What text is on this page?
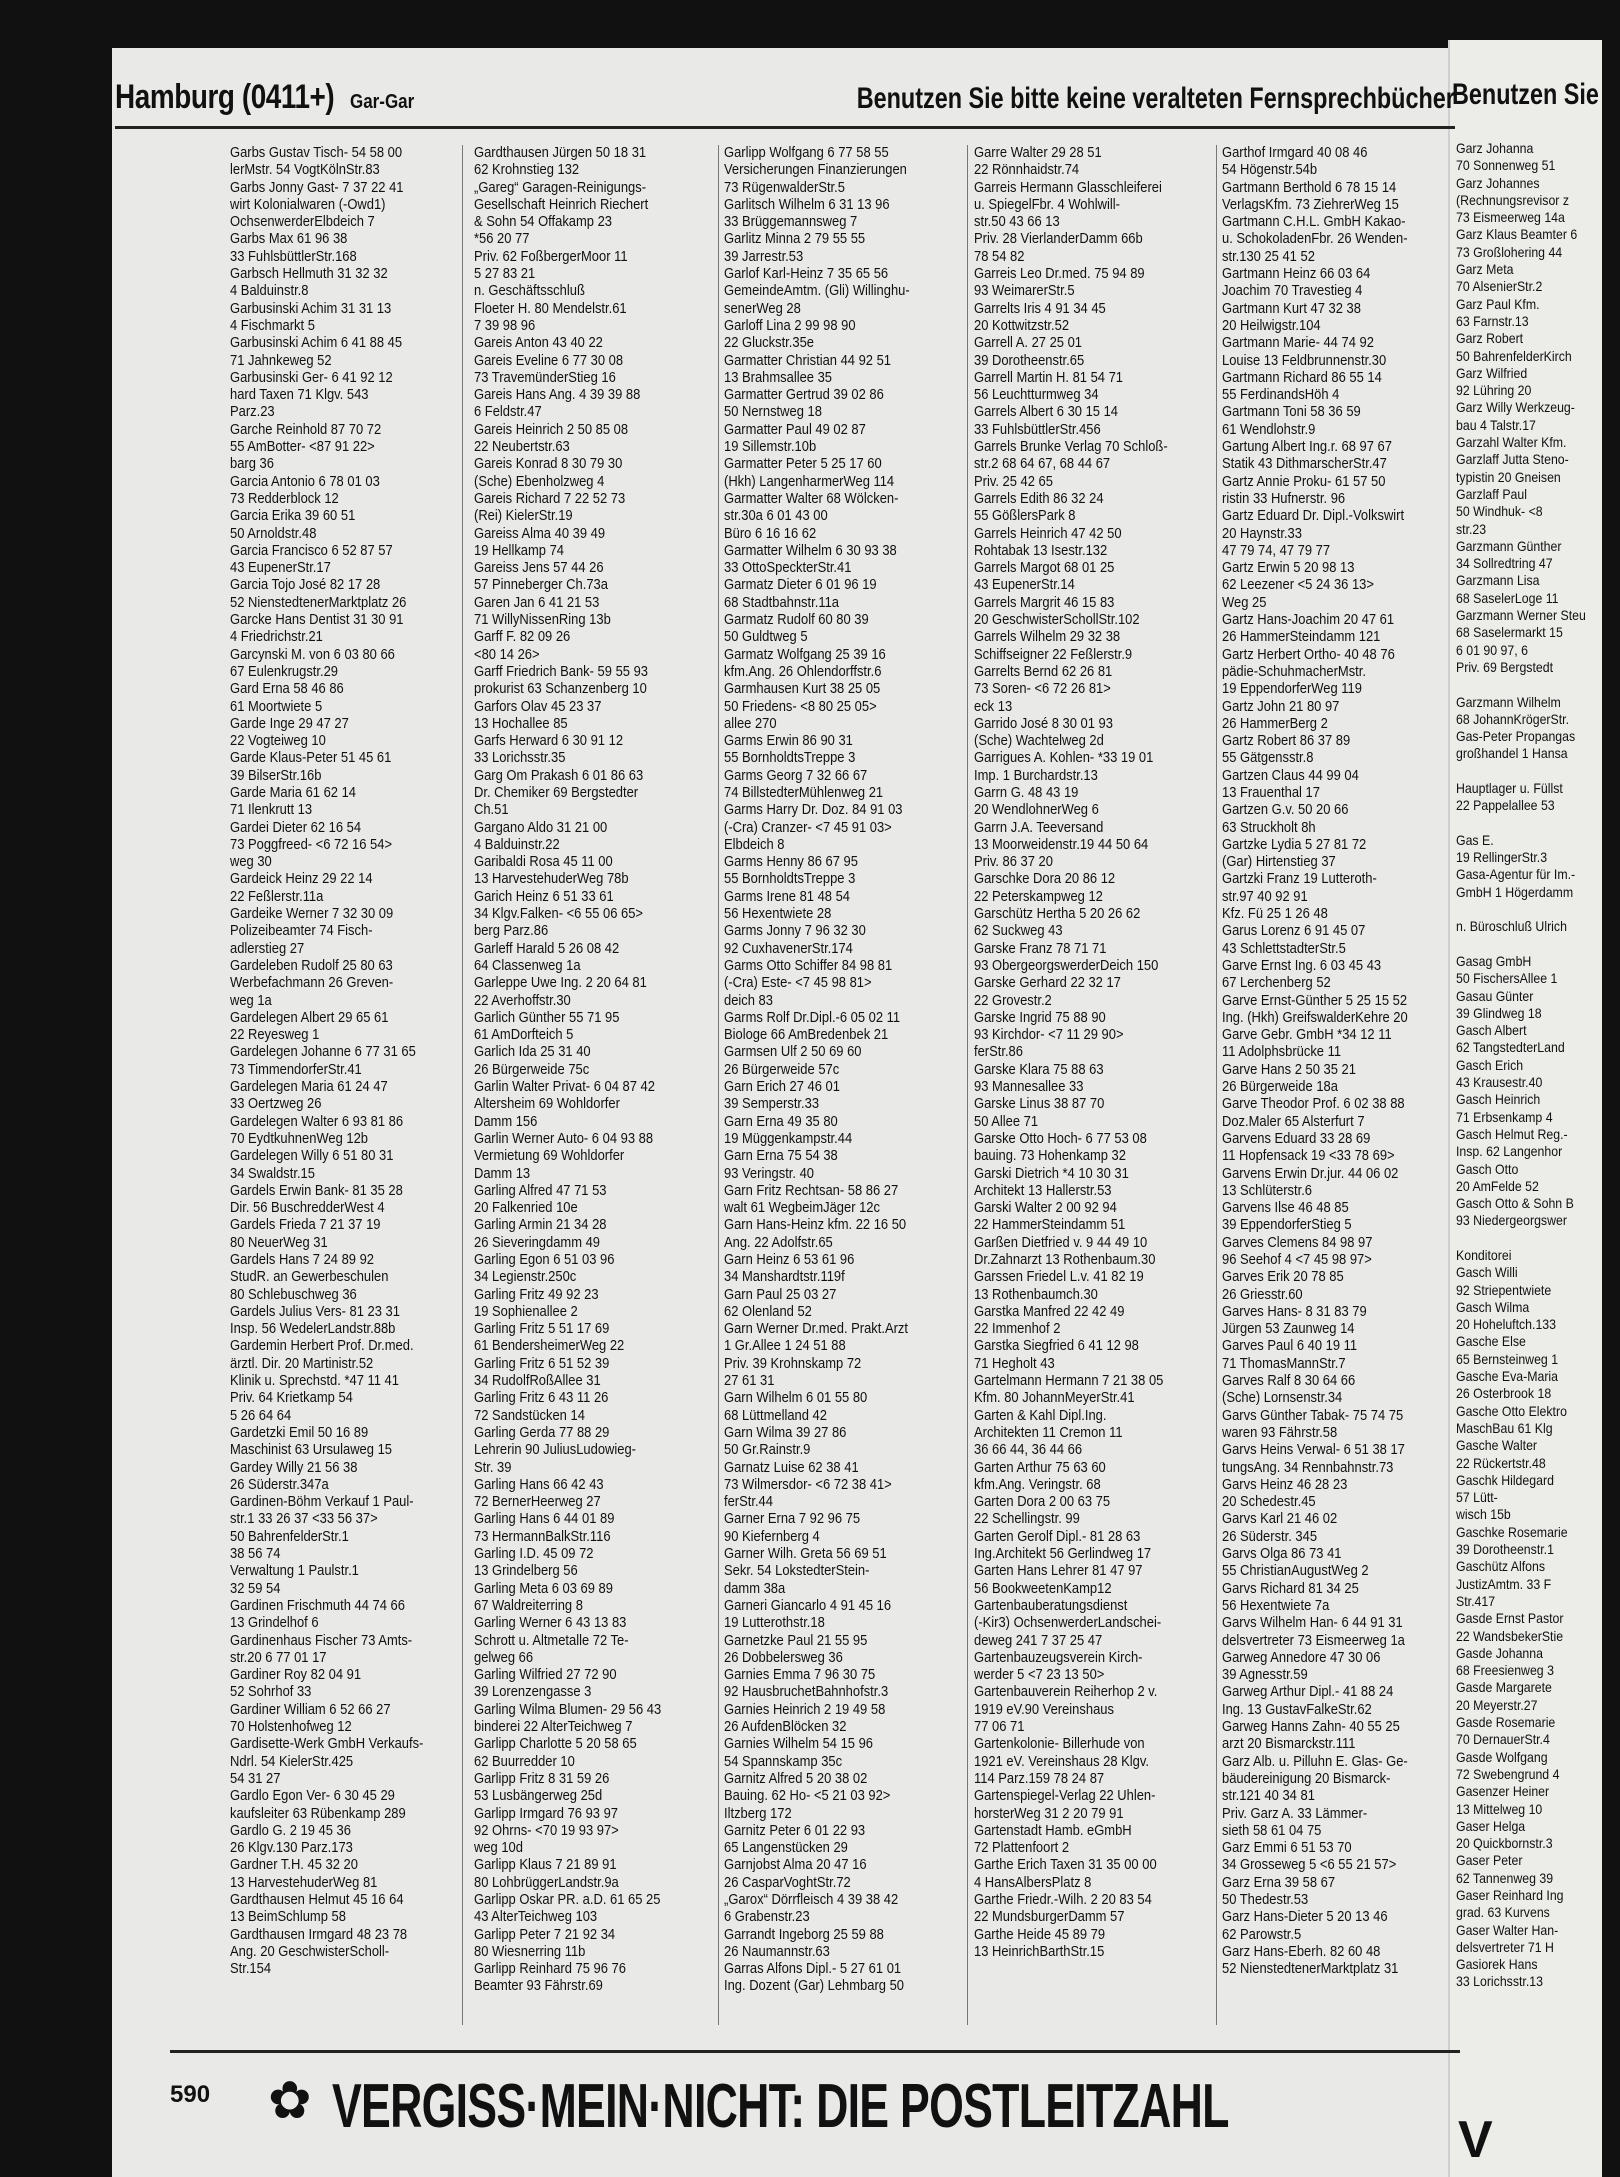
Benutzen Sie b
Garz Johanna
70 Sonnenweg 51
Garz Johannes
(Rechnungsrevisor z
73 Eismeerweg 14a
Garz Klaus Beamter 6
73 Großlohering 44
Garz Meta
70 AlsenierStr.2
Garz Paul Kfm.
63 Farnstr.13
Garz Robert
50 BahrenfelderKirch
Garz Wilfried
92 Lühring 20
Garz Willy Werkzeug-
bau 4 Talstr.17
Garzahl Walter Kfm.
Garzlaff Jutta Steno-
typistin 20 Gneisen
Garzlaff Paul
50 Windhuk- <8
str.23
Garzmann Günther
34 Sollredtring 47
Garzmann Lisa
68 SaselerLoge 11
Garzmann Werner Steu
68 Saselermarkt 15
6 01 90 97, 6
Priv. 69 Bergstedt
Garzmann Wilhelm
68 JohannKrögerStr.
Gas-Peter Propangas
großhandel 1 Hansa
Hauptlager u. Füllst
22 Pappelallee 53
Gas E.
19 RellingerStr.3
Gasa-Agentur für Im.-
GmbH 1 Högerdamm
n. Büroschluß Ulrich
Gasag GmbH
50 FischersAllee 1
Gasau Günter
39 Glindweg 18
Gasch Albert
62 TangstedterLand
Gasch Erich
43 Krausestr.40
Gasch Heinrich
71 Erbsenkamp 4
Gasch Helmut Reg.-
Insp. 62 Langenhor
Gasch Otto
20 AmFelde 52
Gasch Otto & Sohn B
93 Niedergeorgswer
Konditorei
Gasch Willi
92 Striepentwiete
Gasch Wilma
20 Hoheluftch.133
Gasche Else
65 Bernsteinweg 1
Gasche Eva-Maria
26 Osterbrook 18
Gasche Otto Elektro
MaschBau 61 Klg
Gasche Walter
22 Rückertstr.48
Gaschk Hildegard
57 Lütt-
wisch 15b
Gaschke Rosemarie
39 Dorotheenstr.1
Gaschütz Alfons
JustizAmtm. 33 F
Str.417
Gasde Ernst Pastor
22 WandsbekerStie
Gasde Johanna
68 Freesienweg 3
Gasde Margarete
20 Meyerstr.27
Gasde Rosemarie
70 DernauerStr.4
Gasde Wolfgang
72 Swebengrund 4
Gasenzer Heiner
13 Mittelweg 10
Gaser Helga
20 Quickbornstr.3
Gaser Peter
62 Tannenweg 39
Gaser Reinhard Ing
grad. 63 Kurvens
Gaser Walter Han-
delsvertreter 71 H
Gasiorek Hans
33 Lorichsstr.13
V
Hamburg (0411+) Gar-Gar	Benutzen Sie bitte keine veralteten Fernsprechbücher
Garbs Gustav Tisch- 54 58 00
lerMstr. 54 VogtKölnStr.83
Garbs Jonny Gast- 7 37 22 41
wirt Kolonialwaren (-Owd1)
OchsenwerderElbdeich 7
Garbs Max 61 96 38
33 FuhlsbüttlerStr.168
Garbsch Hellmuth 31 32 32
4 Balduinstr.8
Garbusinski Achim 31 31 13
4 Fischmarkt 5
Garbusinski Achim 6 41 88 45
71 Jahnkeweg 52
Garbusinski Ger- 6 41 92 12
hard Taxen 71 Klgv. 543
Parz.23
Garche Reinhold 87 70 72
55 AmBotter- <87 91 22>
barg 36
Garcia Antonio 6 78 01 03
73 Redderblock 12
Garcia Erika 39 60 51
50 Arnoldstr.48
Garcia Francisco 6 52 87 57
43 EupenerStr.17
Garcia Tojo José 82 17 28
52 NienstedtenerMarktplatz 26
Garcke Hans Dentist 31 30 91
4 Friedrichstr.21
Garcynski M. von 6 03 80 66
67 Eulenkrugstr.29
Gard Erna 58 46 86
61 Moortwiete 5
Garde Inge 29 47 27
22 Vogteiweg 10
Garde Klaus-Peter 51 45 61
39 BilserStr.16b
Garde Maria 61 62 14
71 Ilenkrutt 13
Gardei Dieter 62 16 54
73 Poggfreed- <6 72 16 54>
weg 30
Gardeick Heinz 29 22 14
22 Feßlerstr.11a
Gardeike Werner 7 32 30 09
Polizeibeamter 74 Fisch-
adlerstieg 27
Gardeleben Rudolf 25 80 63
Werbefachmann 26 Greven-
weg 1a
Gardelegen Albert 29 65 61
22 Reyesweg 1
Gardelegen Johanne 6 77 31 65
73 TimmendorferStr.41
Gardelegen Maria 61 24 47
33 Oertzweg 26
Gardelegen Walter 6 93 81 86
70 EydtkuhnenWeg 12b
Gardelegen Willy 6 51 80 31
34 Swaldstr.15
Gardels Erwin Bank- 81 35 28
Dir. 56 BuschredderWest 4
Gardels Frieda 7 21 37 19
80 NeuerWeg 31
Gardels Hans 7 24 89 92
StudR. an Gewerbeschulen
80 Schlebuschweg 36
Gardels Julius Vers- 81 23 31
Insp. 56 WedelerLandstr.88b
Gardemin Herbert Prof. Dr.med.
ärztl. Dir. 20 Martinistr.52
Klinik u. Sprechstd. *47 11 41
Priv. 64 Krietkamp 54
5 26 64 64
Gardetzki Emil 50 16 89
Maschinist 63 Ursulaweg 15
Gardey Willy 21 56 38
26 Süderstr.347a
Gardinen-Böhm Verkauf 1 Paul-
str.1 33 26 37 <33 56 37>
50 BahrenfelderStr.1
38 56 74
Verwaltung 1 Paulstr.1
32 59 54
Gardinen Frischmuth 44 74 66
13 Grindelhof 6
Gardinenhaus Fischer 73 Amts-
str.20 6 77 01 17
Gardiner Roy 82 04 91
52 Sohrhof 33
Gardiner William 6 52 66 27
70 Holstenhofweg 12
Gardisette-Werk GmbH Verkaufs-
Ndrl. 54 KielerStr.425
54 31 27
Gardlo Egon Ver- 6 30 45 29
kaufsleiter 63 Rübenkamp 289
Gardlo G. 2 19 45 36
26 Klgv.130 Parz.173
Gardner T.H. 45 32 20
13 HarvestehuderWeg 81
Gardthausen Helmut 45 16 64
13 BeimSchlump 58
Gardthausen Irmgard 48 23 78
Ang. 20 GeschwisterScholl-
Str.154
Gardthausen Jürgen 50 18 31
62 Krohnstieg 132
„Gareg“ Garagen-Reinigungs-
Gesellschaft Heinrich Riechert
& Sohn 54 Offakamp 23
*56 20 77
Priv. 62 FoßbergerMoor 11
5 27 83 21
n. Geschäftsschluß
Floeter H. 80 Mendelstr.61
7 39 98 96
Gareis Anton 43 40 22
Gareis Eveline 6 77 30 08
73 TravemünderStieg 16
Gareis Hans Ang. 4 39 39 88
6 Feldstr.47
Gareis Heinrich 2 50 85 08
22 Neubertstr.63
Gareis Konrad 8 30 79 30
(Sche) Ebenholzweg 4
Gareis Richard 7 22 52 73
(Rei) KielerStr.19
Gareiss Alma 40 39 49
19 Hellkamp 74
Gareiss Jens 57 44 26
57 Pinneberger Ch.73a
Garen Jan 6 41 21 53
71 WillyNissenRing 13b
Garff F. 82 09 26
<80 14 26>
Garff Friedrich Bank- 59 55 93
prokurist 63 Schanzenberg 10
Garfors Olav 45 23 37
13 Hochallee 85
Garfs Herward 6 30 91 12
33 Lorichsstr.35
Garg Om Prakash 6 01 86 63
Dr. Chemiker 69 Bergstedter
Ch.51
Gargano Aldo 31 21 00
4 Balduinstr.22
Garibaldi Rosa 45 11 00
13 HarvestehuderWeg 78b
Garich Heinz 6 51 33 61
34 Klgv.Falken- <6 55 06 65>
berg Parz.86
Garleff Harald 5 26 08 42
64 Classenweg 1a
Garleppe Uwe Ing. 2 20 64 81
22 Averhoffstr.30
Garlich Günther 55 71 95
61 AmDorfteich 5
Garlich Ida 25 31 40
26 Bürgerweide 75c
Garlin Walter Privat- 6 04 87 42
Altersheim 69 Wohldorfer
Damm 156
Garlin Werner Auto- 6 04 93 88
Vermietung 69 Wohldorfer
Damm 13
Garling Alfred 47 71 53
20 Falkenried 10e
Garling Armin 21 34 28
26 Sieveringdamm 49
Garling Egon 6 51 03 96
34 Legienstr.250c
Garling Fritz 49 92 23
19 Sophienallee 2
Garling Fritz 5 51 17 69
61 BendersheimerWeg 22
Garling Fritz 6 51 52 39
34 RudolfRoßAllee 31
Garling Fritz 6 43 11 26
72 Sandstücken 14
Garling Gerda 77 88 29
Lehrerin 90 JuliusLudowieg-
Str. 39
Garling Hans 66 42 43
72 BernerHeerweg 27
Garling Hans 6 44 01 89
73 HermannBalkStr.116
Garling I.D. 45 09 72
13 Grindelberg 56
Garling Meta 6 03 69 89
67 Waldreiterring 8
Garling Werner 6 43 13 83
Schrott u. Altmetalle 72 Te-
gelweg 66
Garling Wilfried 27 72 90
39 Lorenzengasse 3
Garling Wilma Blumen- 29 56 43
binderei 22 AlterTeichweg 7
Garlipp Charlotte 5 20 58 65
62 Buurredder 10
Garlipp Fritz 8 31 59 26
53 Lusbängerweg 25d
Garlipp Irmgard 76 93 97
92 Ohrns- <70 19 93 97>
weg 10d
Garlipp Klaus 7 21 89 91
80 LohbrüggerLandstr.9a
Garlipp Oskar PR. a.D. 61 65 25
43 AlterTeichweg 103
Garlipp Peter 7 21 92 34
80 Wiesnerring 11b
Garlipp Reinhard 75 96 76
Beamter 93 Fährstr.69
Garlipp Wolfgang 6 77 58 55
Versicherungen Finanzierungen
73 RügenwalderStr.5
Garlitsch Wilhelm 6 31 13 96
33 Brüggemannsweg 7
Garlitz Minna 2 79 55 55
39 Jarrestr.53
Garlof Karl-Heinz 7 35 65 56
GemeindeAmtm. (Gli) Willinghu-
senerWeg 28
Garloff Lina 2 99 98 90
22 Gluckstr.35e
Garmatter Christian 44 92 51
13 Brahmsallee 35
Garmatter Gertrud 39 02 86
50 Nernstweg 18
Garmatter Paul 49 02 87
19 Sillemstr.10b
Garmatter Peter 5 25 17 60
(Hkh) LangenharmerWeg 114
Garmatter Walter 68 Wölcken-
str.30a 6 01 43 00
Büro 6 16 16 62
Garmatter Wilhelm 6 30 93 38
33 OttoSpeckterStr.41
Garmatz Dieter 6 01 96 19
68 Stadtbahnstr.11a
Garmatz Rudolf 60 80 39
50 Guldtweg 5
Garmatz Wolfgang 25 39 16
kfm.Ang. 26 Ohlendorffstr.6
Garmhausen Kurt 38 25 05
50 Friedens- <8 80 25 05>
allee 270
Garms Erwin 86 90 31
55 BornholdtsTreppe 3
Garms Georg 7 32 66 67
74 BillstedterMühlenweg 21
Garms Harry Dr. Doz. 84 91 03
(-Cra) Cranzer- <7 45 91 03>
Elbdeich 8
Garms Henny 86 67 95
55 BornholdtsTreppe 3
Garms Irene 81 48 54
56 Hexentwiete 28
Garms Jonny 7 96 32 30
92 CuxhavenerStr.174
Garms Otto Schiffer 84 98 81
(-Cra) Este- <7 45 98 81>
deich 83
Garms Rolf Dr.Dipl.-6 05 02 11
Biologe 66 AmBredenbek 21
Garmsen Ulf 2 50 69 60
26 Bürgerweide 57c
Garn Erich 27 46 01
39 Semperstr.33
Garn Erna 49 35 80
19 Müggenkampstr.44
Garn Erna 75 54 38
93 Veringstr. 40
Garn Fritz Rechtsan- 58 86 27
walt 61 WegbeimJäger 12c
Garn Hans-Heinz kfm. 22 16 50
Ang. 22 Adolfstr.65
Garn Heinz 6 53 61 96
34 Manshardtstr.119f
Garn Paul 25 03 27
62 Olenland 52
Garn Werner Dr.med. Prakt.Arzt
1 Gr.Allee 1 24 51 88
Priv. 39 Krohnskamp 72
27 61 31
Garn Wilhelm 6 01 55 80
68 Lüttmelland 42
Garn Wilma 39 27 86
50 Gr.Rainstr.9
Garnatz Luise 62 38 41
73 Wilmersdor- <6 72 38 41>
ferStr.44
Garner Erna 7 92 96 75
90 Kiefernberg 4
Garner Wilh. Greta 56 69 51
Sekr. 54 LokstedterStein-
damm 38a
Garneri Giancarlo 4 91 45 16
19 Lutterothstr.18
Garnetzke Paul 21 55 95
26 Dobbelersweg 36
Garnies Emma 7 96 30 75
92 HausbruchetBahnhofstr.3
Garnies Heinrich 2 19 49 58
26 AufdenBlöcken 32
Garnies Wilhelm 54 15 96
54 Spannskamp 35c
Garnitz Alfred 5 20 38 02
Bauing. 62 Ho- <5 21 03 92>
Iltzberg 172
Garnitz Peter 6 01 22 93
65 Langenstücken 29
Garnjobst Alma 20 47 16
26 CasparVoghtStr.72
„Garox“ Dörrfleisch 4 39 38 42
6 Grabenstr.23
Garrandt Ingeborg 25 59 88
26 Naumannstr.63
Garras Alfons Dipl.- 5 27 61 01
Ing. Dozent (Gar) Lehmbarg 50
Garre Walter 29 28 51
22 Rönnhaidstr.74
Garreis Hermann Glasschleiferei
u. SpiegelFbr. 4 Wohlwill-
str.50 43 66 13
Priv. 28 VierlanderDamm 66b
78 54 82
Garreis Leo Dr.med. 75 94 89
93 WeimarerStr.5
Garrelts Iris 4 91 34 45
20 Kottwitzstr.52
Garrell A. 27 25 01
39 Dorotheenstr.65
Garrell Martin H. 81 54 71
56 Leuchtturmweg 34
Garrels Albert 6 30 15 14
33 FuhlsbüttlerStr.456
Garrels Brunke Verlag 70 Schloß-
str.2 68 64 67, 68 44 67
Priv. 25 42 65
Garrels Edith 86 32 24
55 GößlersPark 8
Garrels Heinrich 47 42 50
Rohtabak 13 Isestr.132
Garrels Margot 68 01 25
43 EupenerStr.14
Garrels Margrit 46 15 83
20 GeschwisterSchollStr.102
Garrels Wilhelm 29 32 38
Schiffseigner 22 Feßlerstr.9
Garrelts Bernd 62 26 81
73 Soren- <6 72 26 81>
eck 13
Garrido José 8 30 01 93
(Sche) Wachtelweg 2d
Garrigues A. Kohlen- *33 19 01
Imp. 1 Burchardstr.13
Garrn G. 48 43 19
20 WendlohnerWeg 6
Garrn J.A. Teeversand
13 Moorweidenstr.19 44 50 64
Priv. 86 37 20
Garschke Dora 20 86 12
22 Peterskampweg 12
Garschütz Hertha 5 20 26 62
62 Suckweg 43
Garske Franz 78 71 71
93 ObergeorgswerderDeich 150
Garske Gerhard 22 32 17
22 Grovestr.2
Garske Ingrid 75 88 90
93 Kirchdor- <7 11 29 90>
ferStr.86
Garske Klara 75 88 63
93 Mannesallee 33
Garske Linus 38 87 70
50 Allee 71
Garske Otto Hoch- 6 77 53 08
bauing. 73 Hohenkamp 32
Garski Dietrich *4 10 30 31
Architekt 13 Hallerstr.53
Garski Walter 2 00 92 94
22 HammerSteindamm 51
Garßen Dietfried v. 9 44 49 10
Dr.Zahnarzt 13 Rothenbaum.30
Garssen Friedel L.v. 41 82 19
13 Rothenbaumch.30
Garstka Manfred 22 42 49
22 Immenhof 2
Garstka Siegfried 6 41 12 98
71 Hegholt 43
Gartelmann Hermann 7 21 38 05
Kfm. 80 JohannMeyerStr.41
Garten & Kahl Dipl.Ing.
Architekten 11 Cremon 11
36 66 44, 36 44 66
Garten Arthur 75 63 60
kfm.Ang. Veringstr. 68
Garten Dora 2 00 63 75
22 Schellingstr. 99
Garten Gerolf Dipl.- 81 28 63
Ing.Architekt 56 Gerlindweg 17
Garten Hans Lehrer 81 47 97
56 BookweetenKamp12
Gartenbauberatungsdienst
(-Kir3) OchsenwerderLandschei-
deweg 241 7 37 25 47
Gartenbauzeugsverein Kirch-
werder 5 <7 23 13 50>
Gartenbauverein Reiherhop 2 v.
1919 eV.90 Vereinshaus
77 06 71
Gartenkolonie- Billerhude von
1921 eV. Vereinshaus 28 Klgv.
114 Parz.159 78 24 87
Gartenspiegel-Verlag 22 Uhlen-
horsterWeg 31 2 20 79 91
Gartenstadt Hamb. eGmbH
72 Plattenfoort 2
Garthe Erich Taxen 31 35 00 00
4 HansAlbersPlatz 8
Garthe Friedr.-Wilh. 2 20 83 54
22 MundsburgerDamm 57
Garthe Heide 45 89 79
13 HeinrichBarthStr.15
Garthof Irmgard 40 08 46
54 Högenstr.54b
Gartmann Berthold 6 78 15 14
VerlagsKfm. 73 ZiehrerWeg 15
Gartmann C.H.L. GmbH Kakao-
u. SchokoladenFbr. 26 Wenden-
str.130 25 41 52
Gartmann Heinz 66 03 64
Joachim 70 Travestieg 4
Gartmann Kurt 47 32 38
20 Heilwigstr.104
Gartmann Marie- 44 74 92
Louise 13 Feldbrunnenstr.30
Gartmann Richard 86 55 14
55 FerdinandsHöh 4
Gartmann Toni 58 36 59
61 Wendlohstr.9
Gartung Albert Ing.r. 68 97 67
Statik 43 DithmarscherStr.47
Gartz Annie Proku- 61 57 50
ristin 33 Hufnerstr. 96
Gartz Eduard Dr. Dipl.-Volkswirt
20 Haynstr.33
47 79 74, 47 79 77
Gartz Erwin 5 20 98 13
62 Leezener <5 24 36 13>
Weg 25
Gartz Hans-Joachim 20 47 61
26 HammerSteindamm 121
Gartz Herbert Ortho- 40 48 76
pädie-SchuhmacherMstr.
19 EppendorferWeg 119
Gartz John 21 80 97
26 HammerBerg 2
Gartz Robert 86 37 89
55 Gätgensstr.8
Gartzen Claus 44 99 04
13 Frauenthal 17
Gartzen G.v. 50 20 66
63 Struckholt 8h
Gartzke Lydia 5 27 81 72
(Gar) Hirtenstieg 37
Gartzki Franz 19 Lutteroth-
str.97 40 92 91
Kfz. Fü 25 1 26 48
Garus Lorenz 6 91 45 07
43 SchlettstadterStr.5
Garve Ernst Ing. 6 03 45 43
67 Lerchenberg 52
Garve Ernst-Günther 5 25 15 52
Ing. (Hkh) GreifswalderKehre 20
Garve Gebr. GmbH *34 12 11
11 Adolphsbrücke 11
Garve Hans 2 50 35 21
26 Bürgerweide 18a
Garve Theodor Prof. 6 02 38 88
Doz.Maler 65 Alsterfurt 7
Garvens Eduard 33 28 69
11 Hopfensack 19 <33 78 69>
Garvens Erwin Dr.jur. 44 06 02
13 Schlüterstr.6
Garvens Ilse 46 48 85
39 EppendorferStieg 5
Garves Clemens 84 98 97
96 Seehof 4 <7 45 98 97>
Garves Erik 20 78 85
26 Griesstr.60
Garves Hans- 8 31 83 79
Jürgen 53 Zaunweg 14
Garves Paul 6 40 19 11
71 ThomasMannStr.7
Garves Ralf 8 30 64 66
(Sche) Lornsenstr.34
Garvs Günther Tabak- 75 74 75
waren 93 Fährstr.58
Garvs Heins Verwal- 6 51 38 17
tungsAng. 34 Rennbahnstr.73
Garvs Heinz 46 28 23
20 Schedestr.45
Garvs Karl 21 46 02
26 Süderstr. 345
Garvs Olga 86 73 41
55 ChristianAugustWeg 2
Garvs Richard 81 34 25
56 Hexentwiete 7a
Garvs Wilhelm Han- 6 44 91 31
delsvertreter 73 Eismeerweg 1a
Garweg Annedore 47 30 06
39 Agnesstr.59
Garweg Arthur Dipl.- 41 88 24
Ing. 13 GustavFalkeStr.62
Garweg Hanns Zahn- 40 55 25
arzt 20 Bismarckstr.111
Garz Alb. u. Pilluhn E. Glas- Ge-
bäudereinigung 20 Bismarck-
str.121 40 34 81
Priv. Garz A. 33 Lämmer-
sieth 58 61 04 75
Garz Emmi 6 51 53 70
34 Grosseweg 5 <6 55 21 57>
Garz Erna 39 58 67
50 Thedestr.53
Garz Hans-Dieter 5 20 13 46
62 Parowstr.5
Garz Hans-Eberh. 82 60 48
52 NienstedtenerMarktplatz 31
590 ✿ VERGISS·MEIN·NICHT: DIE POSTLEITZAHL
